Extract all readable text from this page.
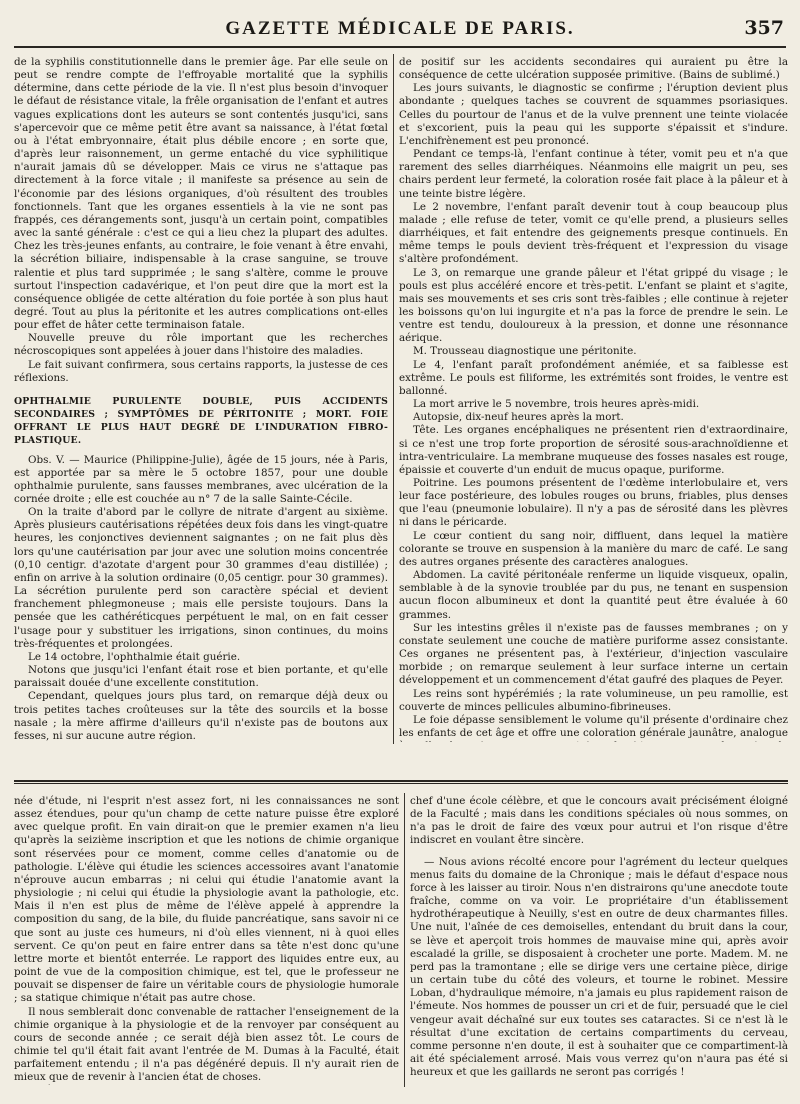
GAZETTE MÉDICALE DE PARIS.	357

de la syphilis constitutionnelle dans le premier âge. Par elle seule on peut se rendre compte de l'effroyable mortalité que la syphilis détermine, dans cette période de la vie. Il n'est plus besoin d'invoquer le défaut de résistance vitale, la frêle organisation de l'enfant et autres vagues explications dont les auteurs se sont contentés jusqu'ici, sans s'apercevoir que ce même petit être avant sa naissance, à l'état fœtal ou à l'état embryonnaire, était plus débile encore ; en sorte que, d'après leur raisonnement, un germe entaché du vice syphilitique n'aurait jamais dû se développer. Mais ce virus ne s'attaque pas directement à la force vitale ; il manifeste sa présence au sein de l'économie par des lésions organiques, d'où résultent des troubles fonctionnels. Tant que les organes essentiels à la vie ne sont pas frappés, ces dérangements sont, jusqu'à un certain point, compatibles avec la santé générale : c'est ce qui a lieu chez la plupart des adultes. Chez les très-jeunes enfants, au contraire, le foie venant à être envahi, la sécrétion biliaire, indispensable à la crase sanguine, se trouve ralentie et plus tard supprimée ; le sang s'altère, comme le prouve surtout l'inspection cadavérique, et l'on peut dire que la mort est la conséquence obligée de cette altération du foie portée à son plus haut degré. Tout au plus la péritonite et les autres complications ont-elles pour effet de hâter cette terminaison fatale.

Nouvelle preuve du rôle important que les recherches nécroscopiques sont appelées à jouer dans l'histoire des maladies.

Le fait suivant confirmera, sous certains rapports, la justesse de ces réflexions.

OPHTHALMIE PURULENTE DOUBLE, PUIS ACCIDENTS SECONDAIRES ; SYMPTÔMES DE PÉRITONITE ; MORT. FOIE OFFRANT LE PLUS HAUT DEGRÉ DE L'INDURATION FIBRO-PLASTIQUE.

Obs. V. — Maurice (Philippine-Julie), âgée de 15 jours, née à Paris, est apportée par sa mère le 5 octobre 1857, pour une double ophthalmie purulente, sans fausses membranes, avec ulcération de la cornée droite ; elle est couchée au n° 7 de la salle Sainte-Cécile.

On la traite d'abord par le collyre de nitrate d'argent au sixième. Après plusieurs cautérisations répétées deux fois dans les vingt-quatre heures, les conjonctives deviennent saignantes ; on ne fait plus dès lors qu'une cautérisation par jour avec une solution moins concentrée (0,10 centigr. d'azotate d'argent pour 30 grammes d'eau distillée) ; enfin on arrive à la solution ordinaire (0,05 centigr. pour 30 grammes). La sécrétion purulente perd son caractère spécial et devient franchement phlegmoneuse ; mais elle persiste toujours. Dans la pensée que les cathéréticques perpétuent le mal, on en fait cesser l'usage pour y substituer les irrigations, sinon continues, du moins très-fréquentes et prolongées.

Le 14 octobre, l'ophthalmie était guérie.

Notons que jusqu'ici l'enfant était rose et bien portante, et qu'elle paraissait douée d'une excellente constitution.

Cependant, quelques jours plus tard, on remarque déjà deux ou trois petites taches croûteuses sur la tête des sourcils et la bosse nasale ; la mère affirme d'ailleurs qu'il n'existe pas de boutons aux fesses, ni sur aucune autre région.

de positif sur les accidents secondaires qui auraient pu être la conséquence de cette ulcération supposée primitive. (Bains de sublimé.)

Les jours suivants, le diagnostic se confirme ; l'éruption devient plus abondante ; quelques taches se couvrent de squammes psoriasiques. Celles du pourtour de l'anus et de la vulve prennent une teinte violacée et s'excorient, puis la peau qui les supporte s'épaissit et s'indure. L'enchifrènement est peu prononcé.

Pendant ce temps-là, l'enfant continue à téter, vomit peu et n'a que rarement des selles diarrhéiques. Néanmoins elle maigrit un peu, ses chairs perdent leur fermeté, la coloration rosée fait place à la pâleur et à une teinte bistre légère.

Le 2 novembre, l'enfant paraît devenir tout à coup beaucoup plus malade ; elle refuse de teter, vomit ce qu'elle prend, a plusieurs selles diarrhéiques, et fait entendre des geignements presque continuels. En même temps le pouls devient très-fréquent et l'expression du visage s'altère profondément.

Le 3, on remarque une grande pâleur et l'état grippé du visage ; le pouls est plus accéléré encore et très-petit. L'enfant se plaint et s'agite, mais ses mouvements et ses cris sont très-faibles ; elle continue à rejeter les boissons qu'on lui ingurgite et n'a pas la force de prendre le sein. Le ventre est tendu, douloureux à la pression, et donne une résonnance aérique.

M. Trousseau diagnostique une péritonite.

Le 4, l'enfant paraît profondément anémiée, et sa faiblesse est extrême. Le pouls est filiforme, les extrémités sont froides, le ventre est ballonné.

La mort arrive le 5 novembre, trois heures après-midi.

Autopsie, dix-neuf heures après la mort.

Tête. Les organes encéphaliques ne présentent rien d'extraordinaire, si ce n'est une trop forte proportion de sérosité sous-arachnoïdienne et intra-ventriculaire. La membrane muqueuse des fosses nasales est rouge, épaissie et couverte d'un enduit de mucus opaque, puriforme.

Poitrine. Les poumons présentent de l'œdème interlobulaire et, vers leur face postérieure, des lobules rouges ou bruns, friables, plus denses que l'eau (pneumonie lobulaire). Il n'y a pas de sérosité dans les plèvres ni dans le péricarde.

Le cœur contient du sang noir, diffluent, dans lequel la matière colorante se trouve en suspension à la manière du marc de café. Le sang des autres organes présente des caractères analogues.

Abdomen. La cavité péritonéale renferme un liquide visqueux, opalin, semblable à de la synovie troublée par du pus, ne tenant en suspension aucun flocon albumineux et dont la quantité peut être évaluée à 60 grammes.

Sur les intestins grêles il n'existe pas de fausses membranes ; on y constate seulement une couche de matière puriforme assez consistante. Ces organes ne présentent pas, à l'extérieur, d'injection vasculaire morbide ; on remarque seulement à leur surface interne un certain développement et un commencement d'état gaufré des plaques de Peyer.

Les reins sont hypérémiés ; la rate volumineuse, un peu ramollie, est couverte de minces pellicules albumino-fibrineuses.

Le foie dépasse sensiblement le volume qu'il présente d'ordinaire chez les enfants de cet âge et offre une coloration générale jaunâtre, analogue

née d'étude, ni l'esprit n'est assez fort, ni les connaissances ne sont assez étendues, pour qu'un champ de cette nature puisse être exploré avec quelque profit. En vain dirait-on que le premier examen n'a lieu qu'après la seizième inscription et que les notions de chimie organique sont réservées pour ce moment, comme celles d'anatomie ou de pathologie. L'élève qui étudie les sciences accessoires avant l'anatomie n'éprouve aucun embarras ; ni celui qui étudie l'anatomie avant la physiologie ; ni celui qui étudie la physiologie avant la pathologie, etc. Mais il n'en est plus de même de l'élève appelé à apprendre la composition du sang, de la bile, du fluide pancréatique, sans savoir ni ce que sont au juste ces humeurs, ni d'où elles viennent, ni à quoi elles servent. Ce qu'on peut en faire entrer dans sa tête n'est donc qu'une lettre morte et bientôt enterrée. Le rapport des liquides entre eux, au point de vue de la composition chimique, est tel, que le professeur ne pouvait se dispenser de faire un véritable cours de physiologie humorale ; sa statique chimique n'était pas autre chose.

Il nous semblerait donc convenable de rattacher l'enseignement de la chimie organique à la physiologie et de la renvoyer par conséquent au cours de seconde année ; ce serait déjà bien assez tôt. Le cours de chimie tel qu'il était fait avant l'entrée de M. Dumas à la Faculté, était parfaitement entendu ; il n'a pas dégénéré depuis. Il n'y aurait rien de mieux que de revenir à l'ancien état de choses.

chef d'une école célèbre, et que le concours avait précisément éloigné de la Faculté ; mais dans les conditions spéciales où nous sommes, on n'a pas le droit de faire des vœux pour autrui et l'on risque d'être indiscret en voulant être sincère.

— Nous avions récolté encore pour l'agrément du lecteur quelques menus faits du domaine de la Chronique ; mais le défaut d'espace nous force à les laisser au tiroir. Nous n'en distrairons qu'une anecdote toute fraîche, comme on va voir. Le propriétaire d'un établissement hydrothérapeutique à Neuilly, s'est en outre de deux charmantes filles. Une nuit, l'aînée de ces demoiselles, entendant du bruit dans la cour, se lève et aperçoit trois hommes de mauvaise mine qui, après avoir escaladé la grille, se disposaient à crocheter une porte. Madem. M. ne perd pas la tramontane ; elle se dirige vers une certaine pièce, dirige un certain tube du côté des voleurs, et tourne le robinet. Messire Loban, d'hydraulique mémoire, n'a jamais eu plus rapidement raison de l'émeute. Nos hommes de pousser un cri et de fuir, persuadé que le ciel vengeur avait déchaîné sur eux toutes ses cataractes. Si ce n'est là le résultat d'une excitation de certains compartiments du cerveau, comme personne n'en doute, il est à souhaiter que ce compartiment-là ait été spécialement arrosé. Mais vous verrez qu'on n'aura pas été si heureux et que les gaillards ne seront pas corrigés !
